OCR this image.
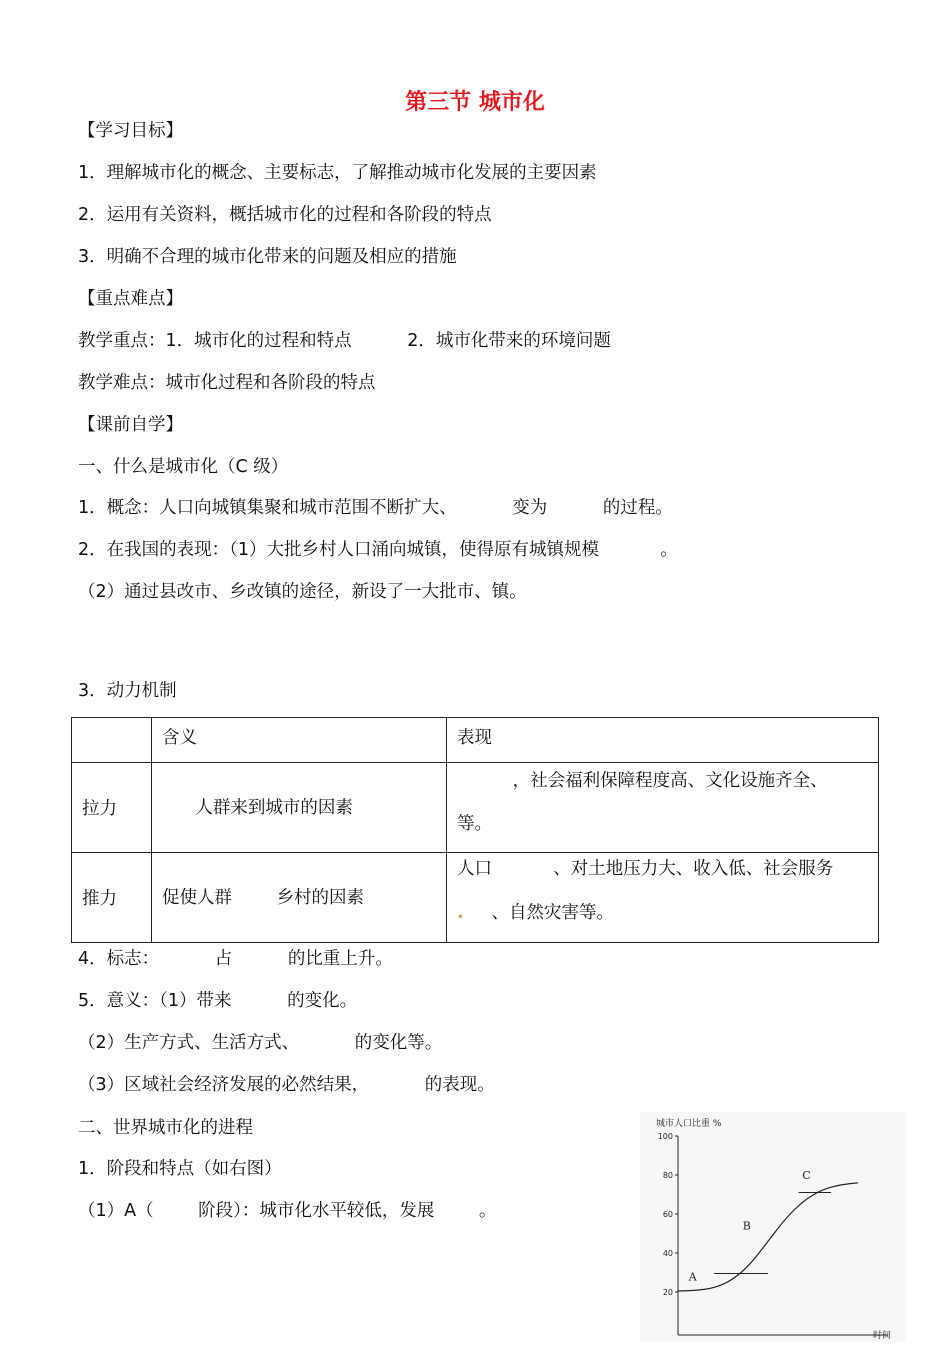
第三节 城市化
【学习目标】
1．理解城市化的概念、主要标志，了解推动城市化发展的主要因素
2．运用有关资料，概括城市化的过程和各阶段的特点
3．明确不合理的城市化带来的问题及相应的措施
【重点难点】
教学重点：1．城市化的过程和特点          2．城市化带来的环境问题
教学难点：城市化过程和各阶段的特点
【课前自学】
一、什么是城市化（C 级）
1．概念：人口向城镇集聚和城市范围不断扩大、          变为          的过程。
2．在我国的表现：（1）大批乡村人口涌向城镇，使得原有城镇规模           。
（2）通过县改市、乡改镇的途径，新设了一大批市、镇。
3．动力机制
	含义	表现
拉力	人群来到城市的因素	，社会福利保障程度高、文化设施齐全、
等。

推力	促使人群        乡村的因素	人口           、对土地压力大、收入低、社会服务
.     、自然灾害等。
4．标志：          占          的比重上升。
5．意义：（1）带来          的变化。
（2）生产方式、生活方式、          的变化等。
（3）区域社会经济发展的必然结果，          的表现。
二、世界城市化的进程
1．阶段和特点（如右图）
（1）A（        阶段）：城市化水平较低，发展        。
城市人口比重 %
时间
20
40
60
80
100
A
B
C
